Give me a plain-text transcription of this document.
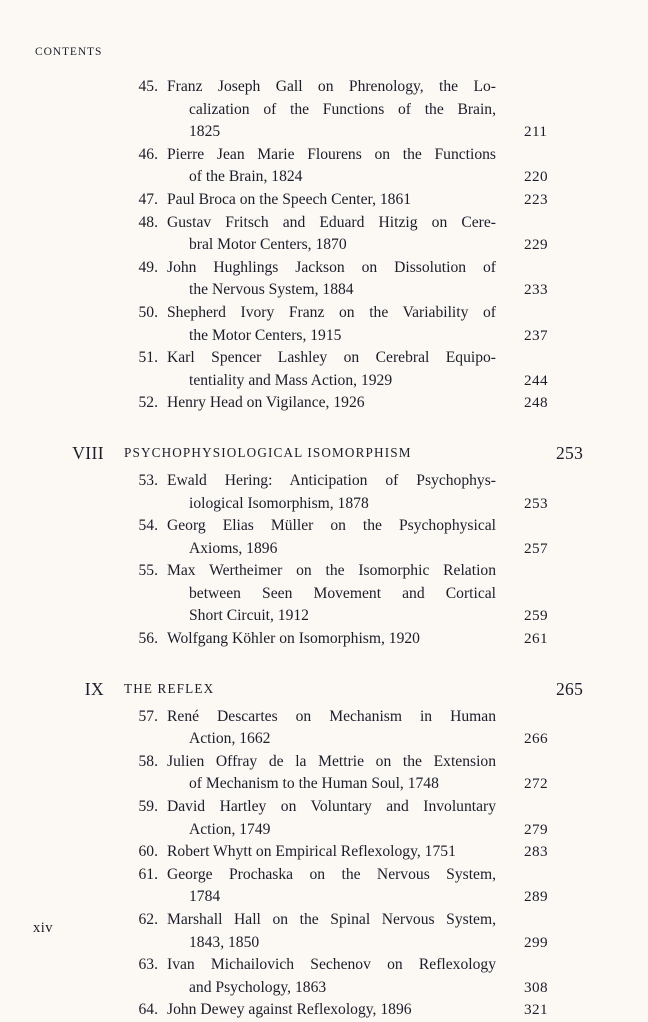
CONTENTS
45. Franz Joseph Gall on Phrenology, the Lo-
calization of the Functions of the Brain,
1825	211
46. Pierre Jean Marie Flourens on the Functions
of the Brain, 1824	220
47. Paul Broca on the Speech Center, 1861	223
48. Gustav Fritsch and Eduard Hitzig on Cere-
bral Motor Centers, 1870	229
49. John Hughlings Jackson on Dissolution of
the Nervous System, 1884	233
50. Shepherd Ivory Franz on the Variability of
the Motor Centers, 1915	237
51. Karl Spencer Lashley on Cerebral Equipo-
tentiality and Mass Action, 1929	244
52. Henry Head on Vigilance, 1926	248
VIII PSYCHOPHYSIOLOGICAL ISOMORPHISM	253
53. Ewald Hering: Anticipation of Psychophys-
iological Isomorphism, 1878	253
54. Georg Elias Müller on the Psychophysical
Axioms, 1896	257
55. Max Wertheimer on the Isomorphic Relation
between Seen Movement and Cortical
Short Circuit, 1912	259
56. Wolfgang Köhler on Isomorphism, 1920	261
IX THE REFLEX	265
57. René Descartes on Mechanism in Human
Action, 1662	266
58. Julien Offray de la Mettrie on the Extension
of Mechanism to the Human Soul, 1748	272
59. David Hartley on Voluntary and Involuntary
Action, 1749	279
60. Robert Whytt on Empirical Reflexology, 1751	283
61. George Prochaska on the Nervous System,
1784	289
62. Marshall Hall on the Spinal Nervous System,
1843, 1850	299
63. Ivan Michailovich Sechenov on Reflexology
and Psychology, 1863	308
64. John Dewey against Reflexology, 1896	321
xiv
